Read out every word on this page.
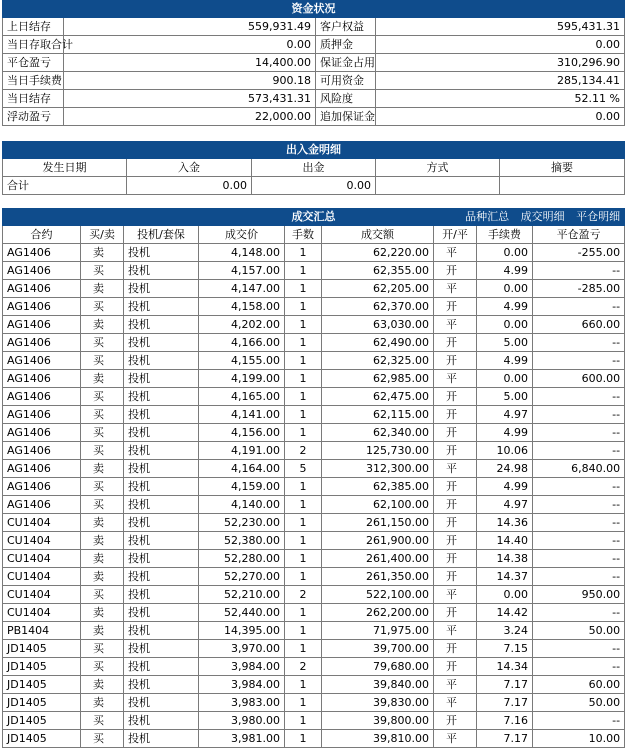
资金状况			
上日结存	559,931.49	客户权益	595,431.31
当日存取合计	0.00	质押金	0.00
平仓盈亏	14,400.00	保证金占用	310,296.90
当日手续费	900.18	可用资金	285,134.41
当日结存	573,431.31	风险度	52.11 %
浮动盈亏	22,000.00	追加保证金	0.00
出入金明细				
发生日期	入金	出金	方式	摘要
合计	0.00	0.00		
成交汇总 品种汇总 成交明细 平仓明细								

合约	买/卖	投机/套保	成交价	手数	成交额	开/平	手续费	平仓盈亏
AG1406	卖	投机	4,148.00	1	62,220.00	平	0.00	-255.00
AG1406	买	投机	4,157.00	1	62,355.00	开	4.99	--
AG1406	卖	投机	4,147.00	1	62,205.00	平	0.00	-285.00
AG1406	买	投机	4,158.00	1	62,370.00	开	4.99	--
AG1406	卖	投机	4,202.00	1	63,030.00	平	0.00	660.00
AG1406	买	投机	4,166.00	1	62,490.00	开	5.00	--
AG1406	买	投机	4,155.00	1	62,325.00	开	4.99	--
AG1406	卖	投机	4,199.00	1	62,985.00	平	0.00	600.00
AG1406	买	投机	4,165.00	1	62,475.00	开	5.00	--
AG1406	买	投机	4,141.00	1	62,115.00	开	4.97	--
AG1406	买	投机	4,156.00	1	62,340.00	开	4.99	--
AG1406	买	投机	4,191.00	2	125,730.00	开	10.06	--
AG1406	卖	投机	4,164.00	5	312,300.00	平	24.98	6,840.00
AG1406	买	投机	4,159.00	1	62,385.00	开	4.99	--
AG1406	买	投机	4,140.00	1	62,100.00	开	4.97	--
CU1404	卖	投机	52,230.00	1	261,150.00	开	14.36	--
CU1404	卖	投机	52,380.00	1	261,900.00	开	14.40	--
CU1404	卖	投机	52,280.00	1	261,400.00	开	14.38	--
CU1404	卖	投机	52,270.00	1	261,350.00	开	14.37	--
CU1404	买	投机	52,210.00	2	522,100.00	平	0.00	950.00
CU1404	卖	投机	52,440.00	1	262,200.00	开	14.42	--
PB1404	卖	投机	14,395.00	1	71,975.00	平	3.24	50.00
JD1405	买	投机	3,970.00	1	39,700.00	开	7.15	--
JD1405	买	投机	3,984.00	2	79,680.00	开	14.34	--
JD1405	卖	投机	3,984.00	1	39,840.00	平	7.17	60.00
JD1405	卖	投机	3,983.00	1	39,830.00	平	7.17	50.00
JD1405	买	投机	3,980.00	1	39,800.00	开	7.16	--
JD1405	买	投机	3,981.00	1	39,810.00	平	7.17	10.00
